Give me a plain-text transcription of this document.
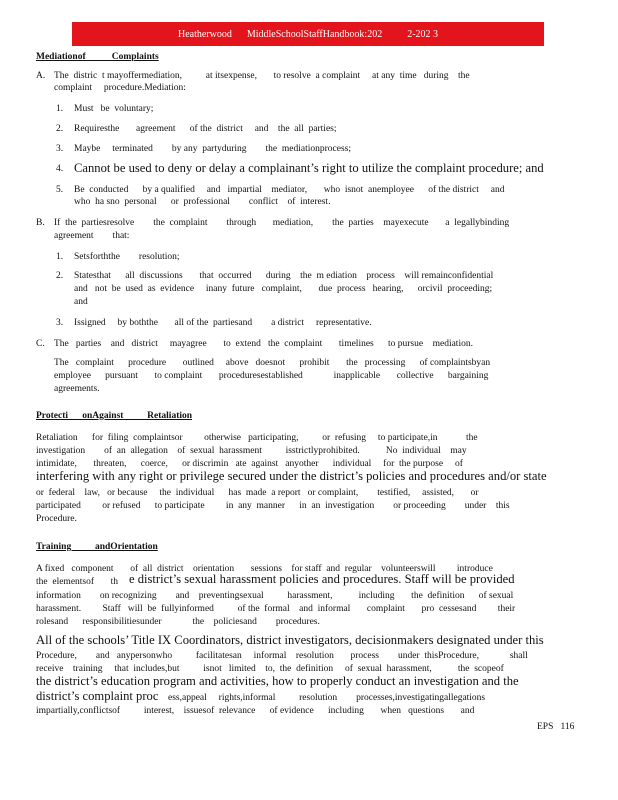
Heatherwood      MiddleSchoolStaffHandbook:202          2-202 3
Mediationof           Complaints
A. The  distric  t mayoffermediation,          at itsexpense,       to resolve  a complaint     at any  time   during    the
complaint     procedure.Mediation:
1. Must   be  voluntary;
2. Requiresthe       agreement      of the  district     and    the  all  parties;
3. Maybe     terminated        by any  partyduring        the  mediationprocess;
4. Cannot be used to deny or delay a complainant’s right to utilize the complaint procedure; and
5. Be  conducted      by a qualified     and   impartial    mediator,       who  isnot  anemployee      of the district     and
who  ha sno  personal      or  professional        conflict    of  interest.
B. If  the  partiesresolve        the  complaint        through       mediation,        the  parties    mayexecute       a  legallybinding
agreement        that:
1. Setsforththe        resolution;
2. Statesthat      all  discussions       that  occurred      during    the  m ediation    process    will remainconfidential
and   not  be  used  as  evidence     inany  future   complaint,       due  process   hearing,      orcivil  proceeding;
and
3. Issigned     by boththe       all of the  partiesand        a district     representative.
C. The   parties    and   district     mayagree       to  extend   the  complaint       timelines      to pursue    mediation.
The   complaint      procedure       outlined     above   doesnot      prohibit       the   processing      of complaintsbyan
employee      pursuant       to complaint       proceduresestablished             inapplicable       collective      bargaining
agreements.
Protecti      onAgainst          Retaliation
Retaliation      for  filing  complaintsor         otherwise   participating,          or  refusing     to participate,in            the
investigation        of  an  allegation    of  sexual  harassment          isstrictlyprohibited.           No  individual    may
intimidate,       threaten,      coerce,      or discrimin   ate  against   anyother      individual     for  the purpose     of
interfering with any right or privilege secured under the district’s policies and procedures and/or state
or  federal    law,   or because     the  individual      has  made  a report   or complaint,        testified,     assisted,       or
participated         or refused      to participate         in  any  manner      in  an  investigation        or proceeding        under    this
Procedure.
Training          andOrientation
A fixed   component       of  all  district    orientation       sessions    for staff  and  regular    volunteerswill         introduce
the  elementsof       th e district’s sexual harassment policies and procedures. Staff will be provided
information        on recognizing        and    preventingsexual          harassment,           including       the  definition      of sexual
harassment.         Staff   will  be  fullyinformed          of the  formal    and  informal       complaint       pro  cessesand         their
rolesand      responsibilitiesunder             the    policiesand        procedures.
All of the schools’ Title IX Coordinators, district investigators, decisionmakers designated under this
Procedure,        and   anypersonwho          facilitatesan     informal    resolution       process        under  thisProcedure,             shall
receive    training     that  includes,but          isnot   limited    to,  the  definition     of  sexual  harassment,           the  scopeof
the district’s education program and activities, how to properly conduct an investigation and the
district’s complaint proc ess,appeal     rights,informal          resolution        processes,investigatingallegations
impartially,conflictsof          interest,    issuesof  relevance      of evidence      including       when   questions       and
EPS   116
